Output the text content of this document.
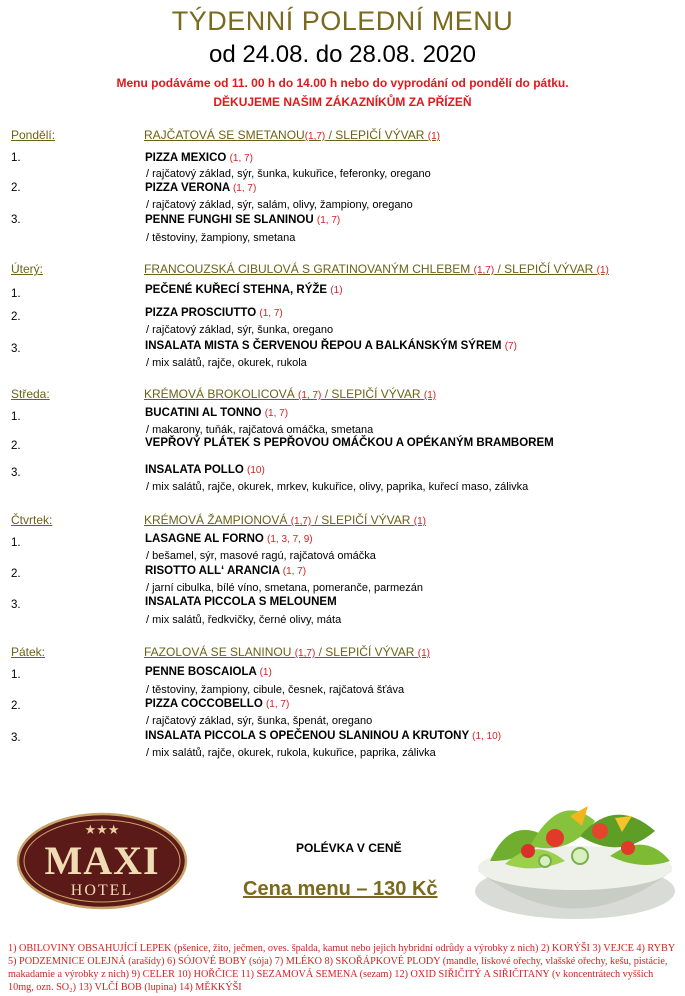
TÝDENNÍ POLEDNÍ MENU
od 24.08. do 28.08. 2020
Menu podáváme od 11. 00 h do 14.00 h nebo do vyprodání od pondělí do pátku.
DĚKUJEME NAŠIM ZÁKAZNÍKŮM ZA PŘÍZEŇ
Pondělí:	RAJČATOVÁ SE SMETANOU(1,7) / SLEPIČÍ VÝVAR (1)
1.	PIZZA MEXICO (1, 7)
/ rajčatový základ, sýr, šunka, kukuřice, feferonky, oregano
2.	PIZZA VERONA (1, 7)
/ rajčatový základ, sýr, salám, olivy, žampiony, oregano
3.	PENNE FUNGHI SE SLANINOU (1, 7)
/ těstoviny, žampiony, smetana
Úterý:	FRANCOUZSKÁ CIBULOVÁ S GRATINOVANÝM CHLEBEM (1,7) / SLEPIČÍ VÝVAR (1)
1.	PEČENÉ KUŘECÍ STEHNA, RÝŽE (1)
2.	PIZZA PROSCIUTTO (1, 7)
/ rajčatový základ, sýr, šunka, oregano
3.	INSALATA MISTA S ČERVENOU ŘEPOU A BALKÁNSKÝM SÝREM (7)
/ mix salátů, rajče, okurek, rukola
Středa:	KRÉMOVÁ BROKOLICOVÁ (1, 7) / SLEPIČÍ VÝVAR (1)
1.	BUCATINI AL TONNO (1, 7)
/ makarony, tuňák, rajčatová omáčka, smetana
2.	VEPŘOVÝ PLÁTEK S PEPŘOVOU OMÁČKOU A OPÉKANÝM BRAMBOREM
3.	INSALATA POLLO (10)
/ mix salátů, rajče, okurek, mrkev, kukuřice, olivy, paprika, kuřecí maso, zálivka
Čtvrtek:	KRÉMOVÁ ŽAMPIONOVÁ (1,7) / SLEPIČÍ VÝVAR (1)
1.	LASAGNE AL FORNO (1, 3, 7, 9)
/ bešamel, sýr, masové ragú, rajčatová omáčka
2.	RISOTTO ALL‘ ARANCIA (1, 7)
/ jarní cibulka, bílé víno, smetana, pomeranče, parmezán
3.	INSALATA PICCOLA S MELOUNEM
/ mix salátů, ředkvičky, černé olivy, máta
Pátek:	FAZOLOVÁ SE SLANINOU (1,7) / SLEPIČÍ VÝVAR (1)
1.	PENNE BOSCAIOLA (1)
/ těstoviny, žampiony, cibule, česnek, rajčatová šťáva
2.	PIZZA COCCOBELLO (1, 7)
/ rajčatový základ, sýr, šunka, špenát, oregano
3.	INSALATA PICCOLA S OPEČENOU SLANINOU A KRUTONY (1, 10)
/ mix salátů, rajče, okurek, rukola, kukuřice, paprika, zálivka
★★★
MAXI
HOTEL
POLÉVKA V CENĚ
Cena menu – 130 Kč
1) OBILOVINY OBSAHUJÍCÍ LEPEK (pšenice, žito, ječmen, oves. špalda, kamut nebo jejich hybridní odrůdy a výrobky z nich) 2) KORÝŠI 3) VEJCE 4) RYBY 5) PODZEMNICE OLEJNÁ (arašídy) 6) SÓJOVÉ BOBY (sója) 7) MLÉKO 8) SKOŘÁPKOVÉ PLODY (mandle, lískové ořechy, vlašské ořechy, kešu, pistácie, makadamie a výrobky z nich) 9) CELER 10) HOŘČICE 11) SEZAMOVÁ SEMENA (sezam) 12) OXID SIŘIČITÝ A SIŘIČITANY (v koncentrátech vyšších 10mg, ozn. SO₂) 13) VLČÍ BOB (lupina) 14) MĚKKÝŠI
